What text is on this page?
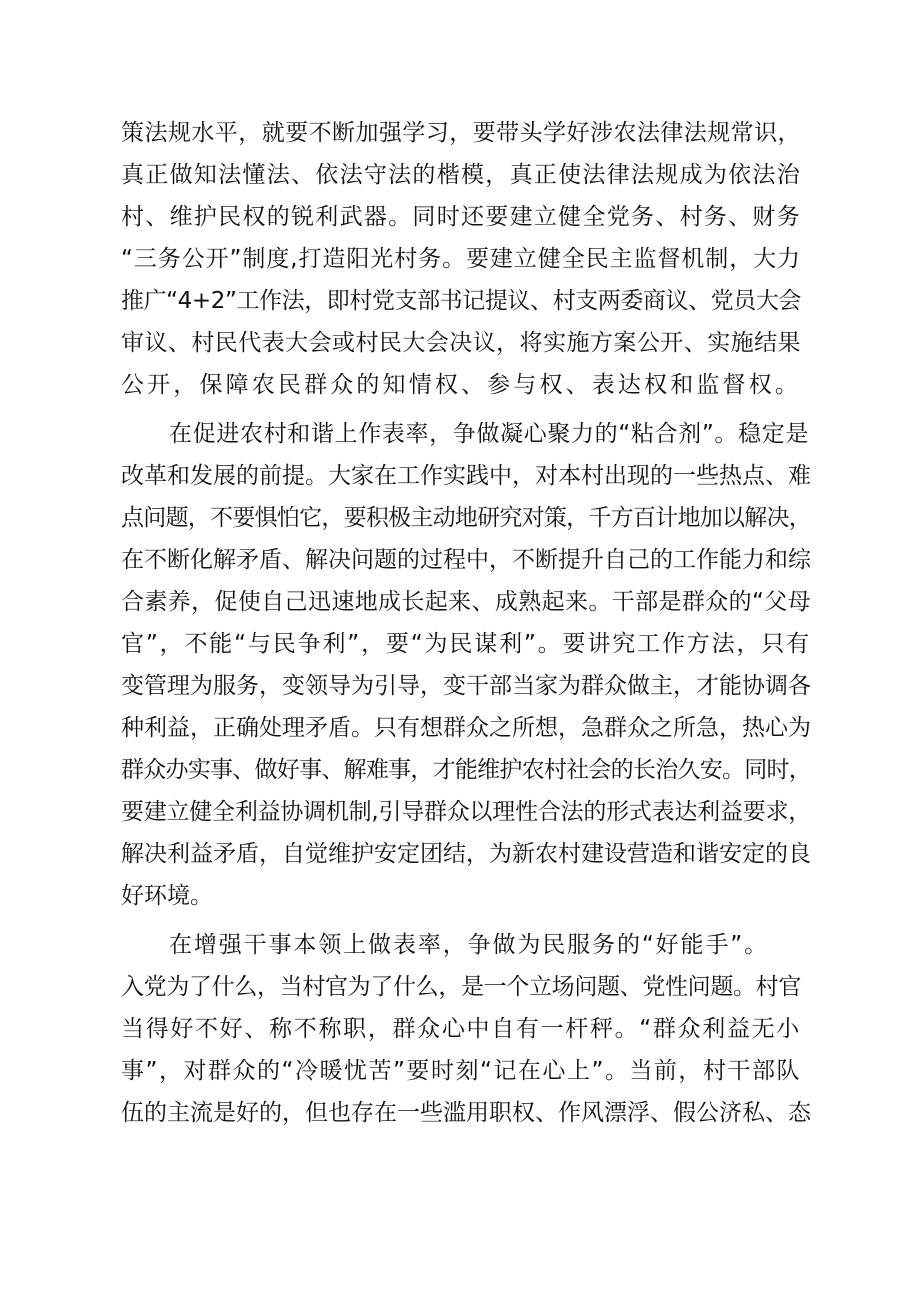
策法规水平，就要不断加强学习，要带头学好涉农法律法规常识，
真正做知法懂法、依法守法的楷模，真正使法律法规成为依法治
村、维护民权的锐利武器。同时还要建立健全党务、村务、财务
“三务公开”制度,打造阳光村务。要建立健全民主监督机制，大力
推广“4+2”工作法，即村党支部书记提议、村支两委商议、党员大会
审议、村民代表大会或村民大会决议，将实施方案公开、实施结果
公开，保障农民群众的知情权、参与权、表达权和监督权。
在促进农村和谐上作表率，争做凝心聚力的“粘合剂”。稳定是
改革和发展的前提。大家在工作实践中，对本村出现的一些热点、难
点问题，不要惧怕它，要积极主动地研究对策，千方百计地加以解决，
在不断化解矛盾、解决问题的过程中，不断提升自己的工作能力和综
合素养，促使自己迅速地成长起来、成熟起来。干部是群众的“父母
官”，不能“与民争利”，要“为民谋利”。要讲究工作方法，只有
变管理为服务，变领导为引导，变干部当家为群众做主，才能协调各
种利益，正确处理矛盾。只有想群众之所想，急群众之所急，热心为
群众办实事、做好事、解难事，才能维护农村社会的长治久安。同时，
要建立健全利益协调机制,引导群众以理性合法的形式表达利益要求，
解决利益矛盾，自觉维护安定团结，为新农村建设营造和谐安定的良
好环境。
在增强干事本领上做表率，争做为民服务的“好能手”。
入党为了什么，当村官为了什么，是一个立场问题、党性问题。村官
当得好不好、称不称职，群众心中自有一杆秤。“群众利益无小
事”，对群众的“冷暖忧苦”要时刻“记在心上”。当前，村干部队
伍的主流是好的，但也存在一些滥用职权、作风漂浮、假公济私、态
